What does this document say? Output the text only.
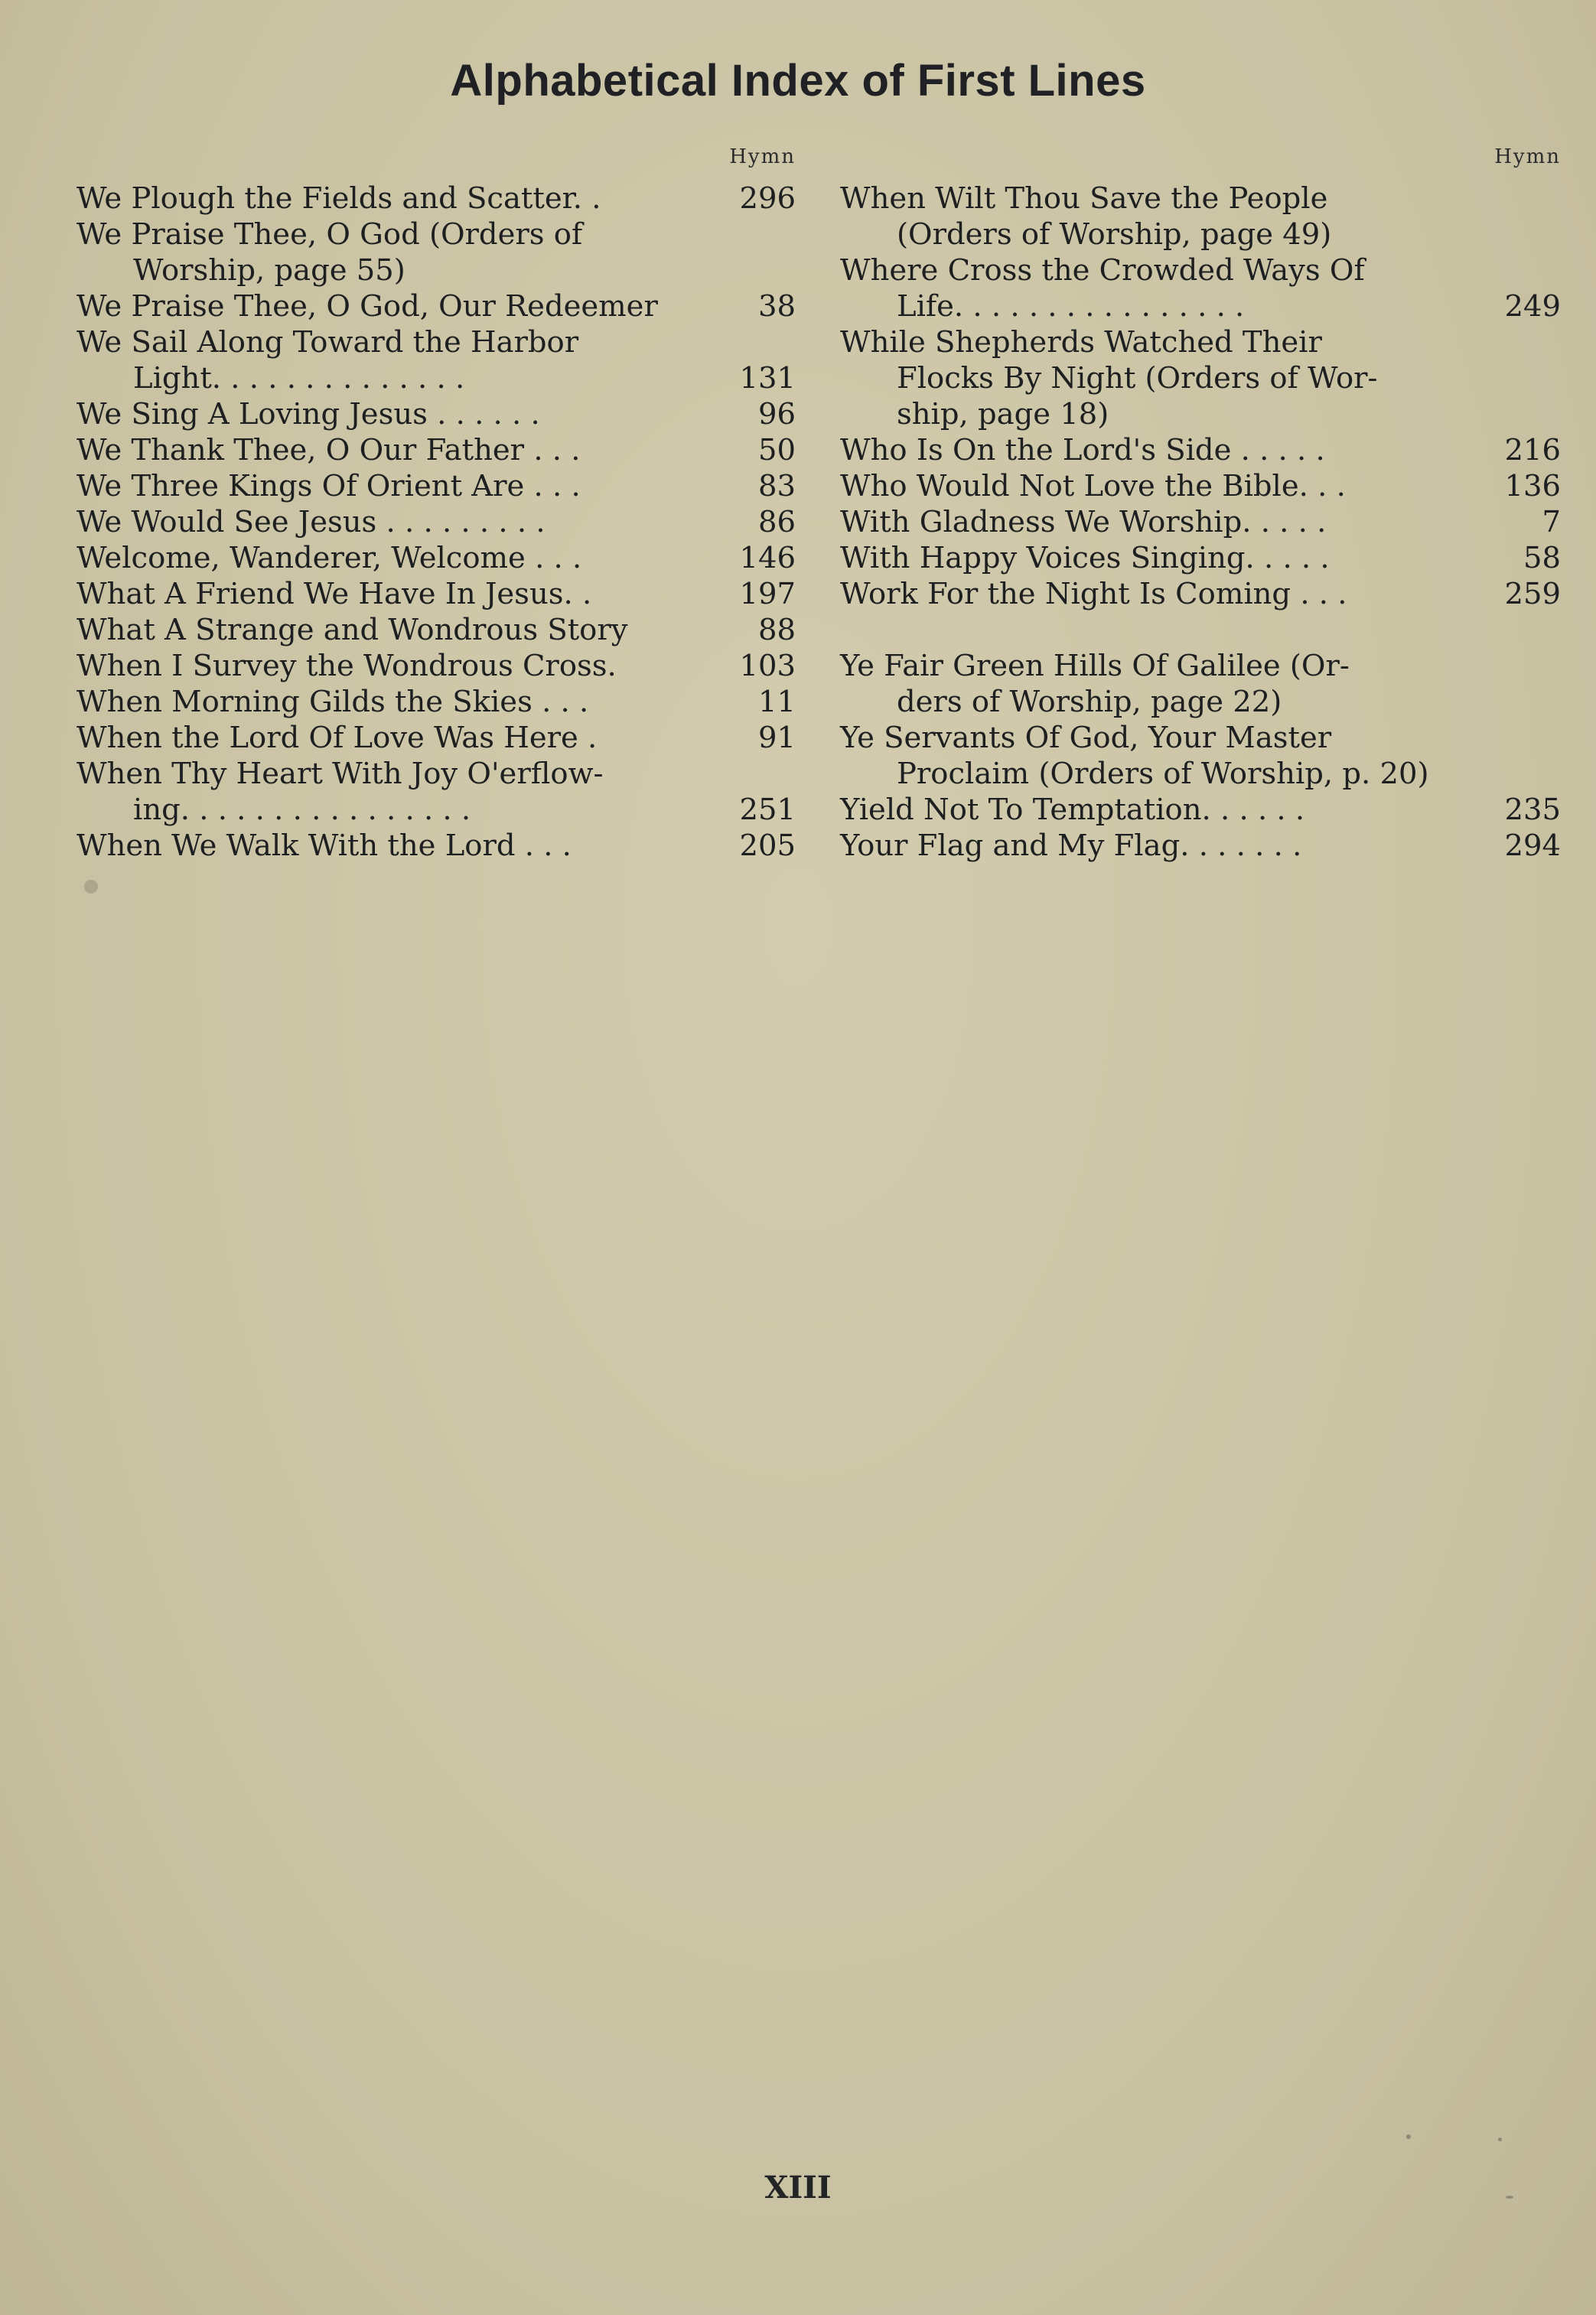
Alphabetical Index of First Lines
Hymn
We Plough the Fields and Scatter. .	296
We Praise Thee, O God (Orders of
Worship, page 55)
We Praise Thee, O God, Our Redeemer	38
We Sail Along Toward the Harbor
Light. . . . . . . . . . . . . .	131
We Sing A Loving Jesus . . . . . .	96
We Thank Thee, O Our Father . . .	50
We Three Kings Of Orient Are . . .	83
We Would See Jesus . . . . . . . . .	86
Welcome, Wanderer, Welcome . . .	146
What A Friend We Have In Jesus. .	197
What A Strange and Wondrous Story	88
When I Survey the Wondrous Cross.	103
When Morning Gilds the Skies . . .	11
When the Lord Of Love Was Here .	91
When Thy Heart With Joy O'erflow-
ing. . . . . . . . . . . . . . . .	251
When We Walk With the Lord . . .	205
Hymn
When Wilt Thou Save the People
(Orders of Worship, page 49)
Where Cross the Crowded Ways Of
Life. . . . . . . . . . . . . . . .	249
While Shepherds Watched Their
Flocks By Night (Orders of Wor-
ship, page 18)
Who Is On the Lord's Side . . . . .	216
Who Would Not Love the Bible. . .	136
With Gladness We Worship. . . . .	7
With Happy Voices Singing. . . . .	58
Work For the Night Is Coming . . .	259
Ye Fair Green Hills Of Galilee (Or-
ders of Worship, page 22)
Ye Servants Of God, Your Master
Proclaim (Orders of Worship, p. 20)
Yield Not To Temptation. . . . . .	235
Your Flag and My Flag. . . . . . .	294
XIII
